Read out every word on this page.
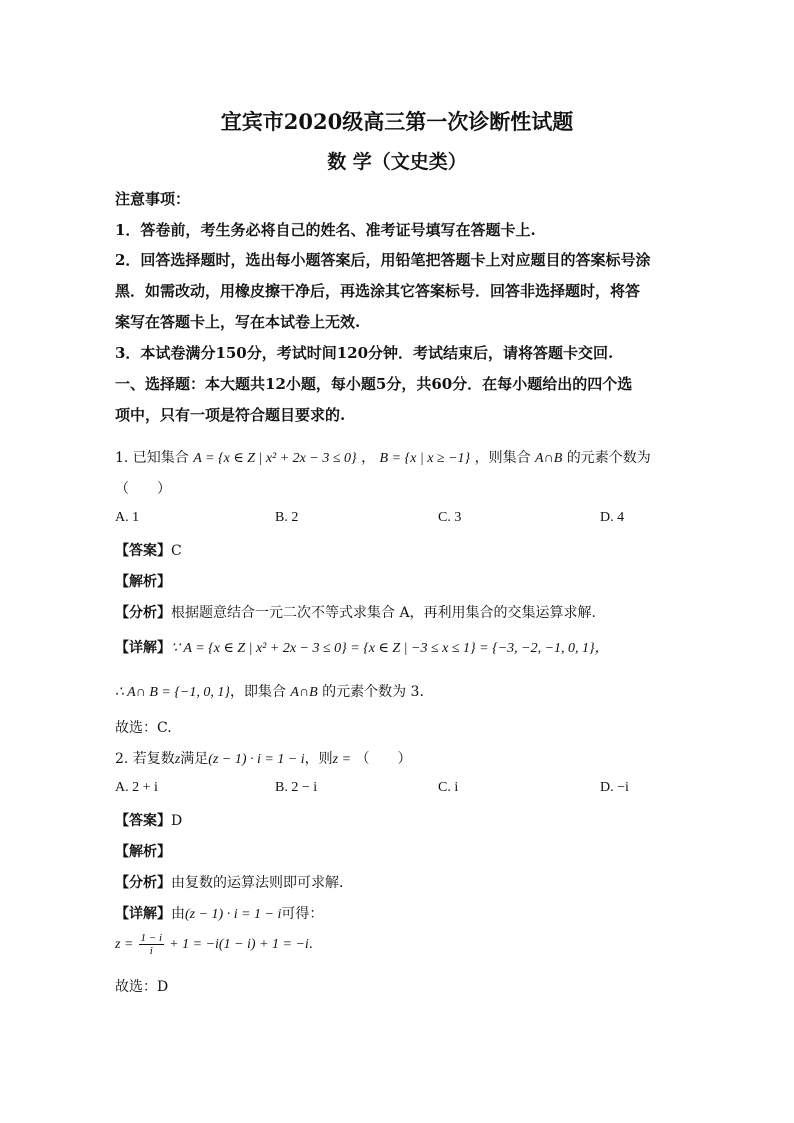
宜宾市2020级高三第一次诊断性试题
数 学（文史类）
注意事项：
1．答卷前，考生务必将自己的姓名、准考证号填写在答题卡上.
2．回答选择题时，选出每小题答案后，用铅笔把答题卡上对应题目的答案标号涂
黑．如需改动，用橡皮擦干净后，再选涂其它答案标号．回答非选择题时，将答
案写在答题卡上，写在本试卷上无效.
3．本试卷满分150分，考试时间120分钟．考试结束后，请将答题卡交回.
一、选择题：本大题共12小题，每小题5分，共60分．在每小题给出的四个选
项中，只有一项是符合题目要求的.
1. 已知集合 A = {x ∈ Z | x² + 2x − 3 ≤ 0} ， B = {x | x ≥ −1} ，则集合 A∩B 的元素个数为
（　　）
A. 1	B. 2	C. 3	D. 4
【答案】C
【解析】
【分析】根据题意结合一元二次不等式求集合 A，再利用集合的交集运算求解.
【详解】∵ A = {x ∈ Z | x² + 2x − 3 ≤ 0} = {x ∈ Z | −3 ≤ x ≤ 1} = {−3, −2, −1, 0, 1}，
∴ A∩ B = {−1, 0, 1}，即集合 A∩B 的元素个数为 3.
故选：C.
2. 若复数z满足(z − 1) · i = 1 − i，则z = （　　）
A. 2 + i	B. 2 − i	C. i	D. −i
【答案】D
【解析】
【分析】由复数的运算法则即可求解.
【详解】由(z − 1) · i = 1 − i可得：
$z = \frac{1 - i}{i} + 1 = -i(1 - i) + 1 = -i$.
故选：D
